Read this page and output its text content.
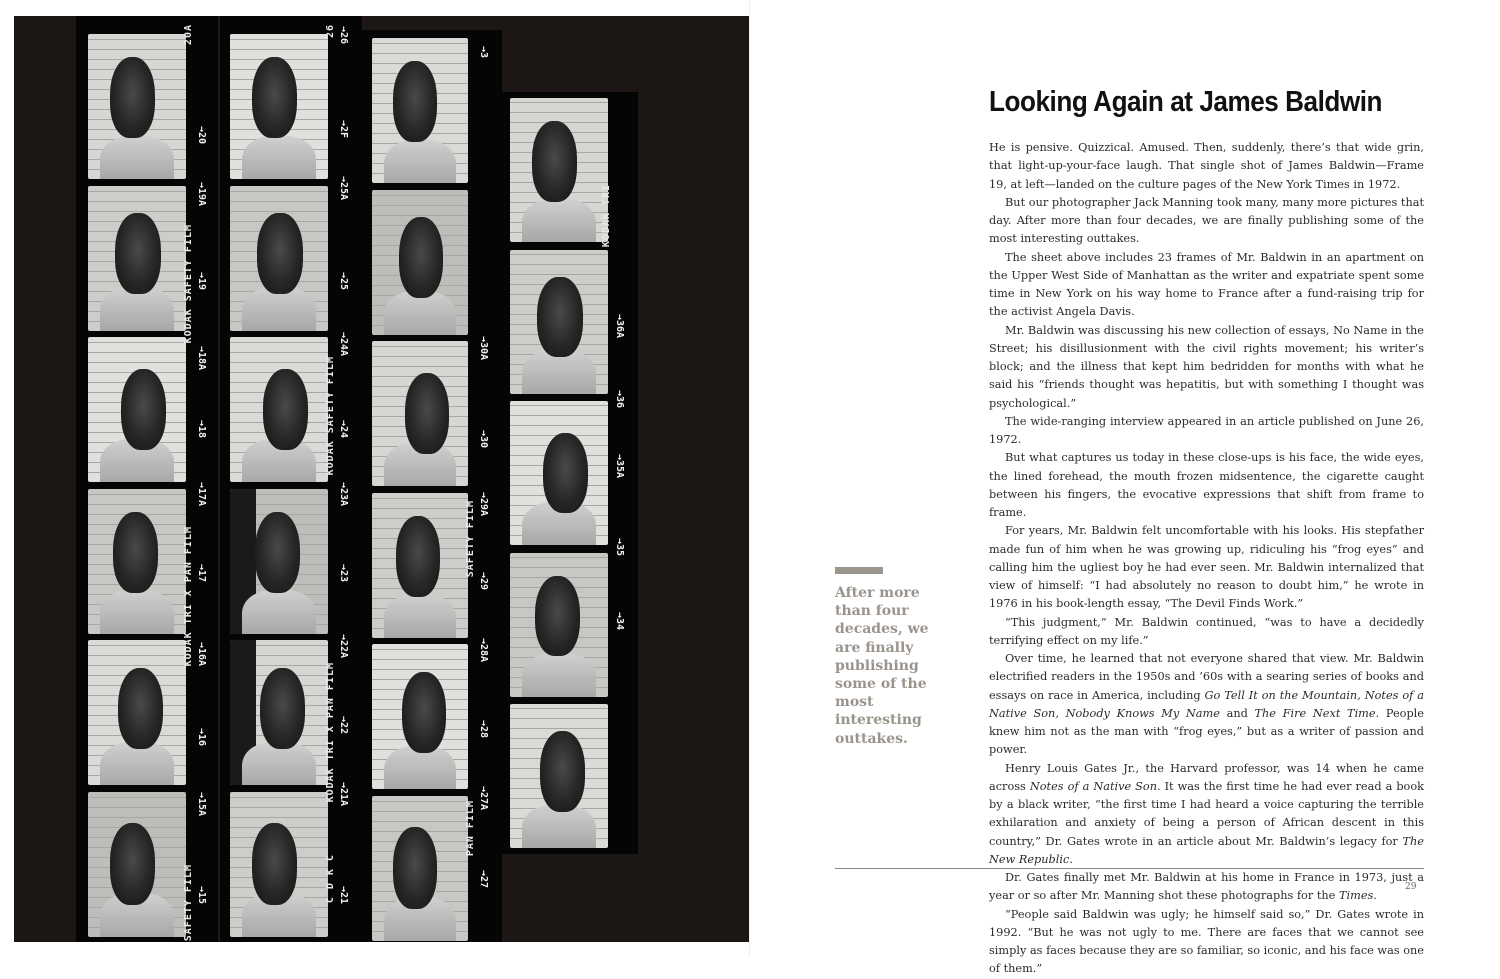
→20
→19A
→19
→18A
→18
→17A
→17
→16A
→16
→15A
→15
20A
KODAK SAFETY FILM
KODAK TRI X PAN FILM
SAFETY FILM
→26
→2F
→25A
→25
→24A
→24
→23A
→23
→22A
→22
→21A
→21
26
KODAK SAFETY FILM
KODAK TRI X PAN FILM
C D K C
→3
→30A
→30
→29A
→29
→28A
→28
→27A
→27
SAFETY FILM
PAN FILM
→36A
→36
→35A
→35
→34
KODAK TRI
Looking Again at James Baldwin

He is pensive. Quizzical. Amused. Then, suddenly, there’s that wide grin, that light-up-your-face laugh. That single shot of James Baldwin—Frame 19, at left—landed on the culture pages of the New York Times in 1972.

But our photographer Jack Manning took many, many more pictures that day. After more than four decades, we are finally publishing some of the most interesting outtakes.

The sheet above includes 23 frames of Mr. Baldwin in an apartment on the Upper West Side of Manhattan as the writer and expatriate spent some time in New York on his way home to France after a fund-raising trip for the activist Angela Davis.

Mr. Baldwin was discussing his new collection of essays, No Name in the Street; his disillusionment with the civil rights movement; his writer’s block; and the illness that kept him bedridden for months with what he said his “friends thought was hepatitis, but with something I thought was psychological.”

The wide-ranging interview appeared in an article published on June 26, 1972.

But what captures us today in these close-ups is his face, the wide eyes, the lined forehead, the mouth frozen midsentence, the cigarette caught between his fingers, the evocative expressions that shift from frame to frame.

For years, Mr. Baldwin felt uncomfortable with his looks. His stepfather made fun of him when he was growing up, ridiculing his “frog eyes” and calling him the ugliest boy he had ever seen. Mr. Baldwin internalized that view of himself: “I had absolutely no reason to doubt him,” he wrote in 1976 in his book-length essay, “The Devil Finds Work.”

“This judgment,” Mr. Baldwin continued, “was to have a decidedly terrifying effect on my life.”

Over time, he learned that not everyone shared that view. Mr. Baldwin electrified readers in the 1950s and ’60s with a searing series of books and essays on race in America, including Go Tell It on the Mountain, Notes of a Native Son, Nobody Knows My Name and The Fire Next Time. People knew him not as the man with “frog eyes,” but as a writer of passion and power.

Henry Louis Gates Jr., the Harvard professor, was 14 when he came across Notes of a Native Son. It was the first time he had ever read a book by a black writer, “the first time I had heard a voice capturing the terrible exhilaration and anxiety of being a person of African descent in this country,” Dr. Gates wrote in an article about Mr. Baldwin’s legacy for The New Republic.

Dr. Gates finally met Mr. Baldwin at his home in France in 1973, just a year or so after Mr. Manning shot these photographs for the Times.

“People said Baldwin was ugly; he himself said so,” Dr. Gates wrote in 1992. “But he was not ugly to me. There are faces that we cannot see simply as faces because they are so familiar, so iconic, and his face was one of them.”

After more than four decades, we are finally publishing some of the most interesting outtakes.
29
